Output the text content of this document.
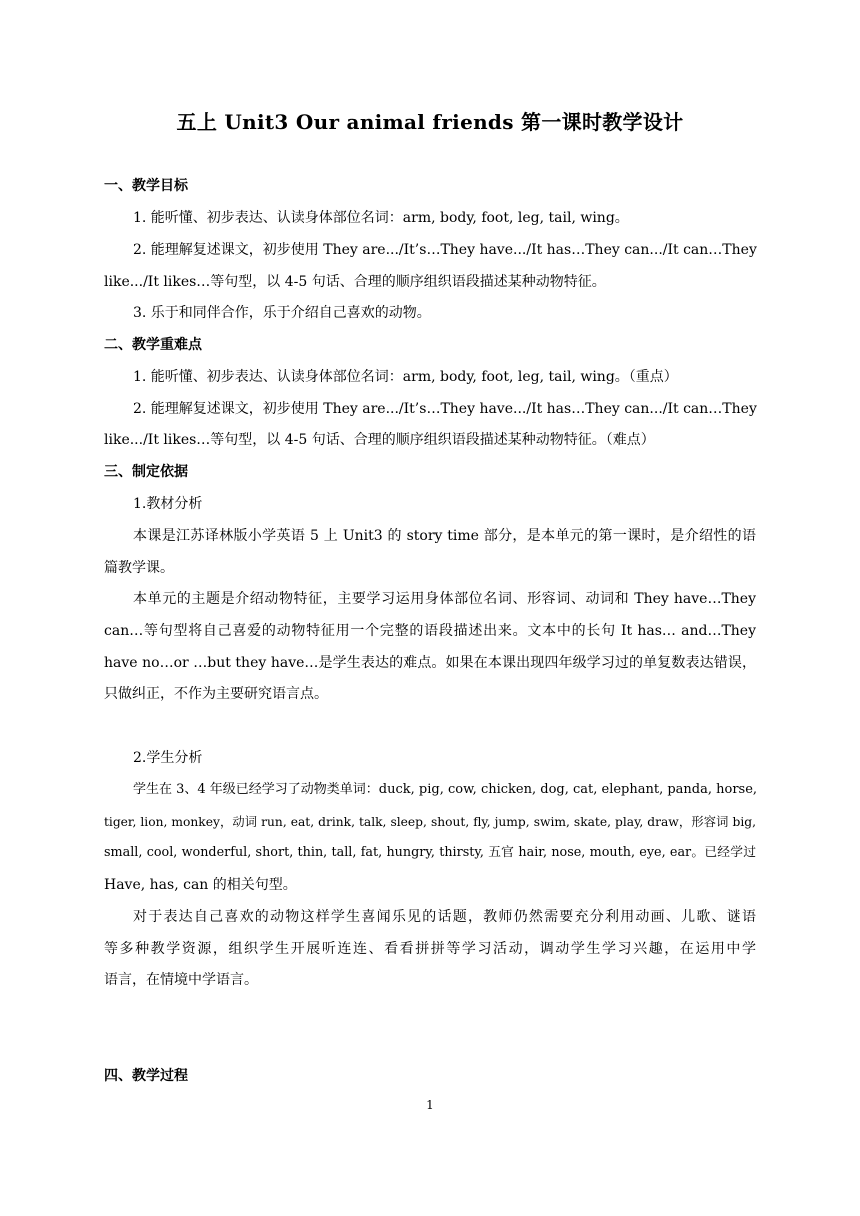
五上 Unit3 Our animal friends 第一课时教学设计
一、教学目标
1. 能听懂、初步表达、认读身体部位名词：arm, body, foot, leg, tail, wing。
2. 能理解复述课文，初步使用 They are.../It’s…They have.../It has…They can.../It can…They
like.../It likes…等句型，以 4-5 句话、合理的顺序组织语段描述某种动物特征。
3. 乐于和同伴合作，乐于介绍自己喜欢的动物。
二、教学重难点
1. 能听懂、初步表达、认读身体部位名词：arm, body, foot, leg, tail, wing。（重点）
2. 能理解复述课文，初步使用 They are.../It’s…They have.../It has…They can.../It can…They
like.../It likes…等句型，以 4-5 句话、合理的顺序组织语段描述某种动物特征。（难点）
三、制定依据
1.教材分析
本课是江苏译林版小学英语 5 上 Unit3 的 story time 部分，是本单元的第一课时，是介绍性的语
篇教学课。
本单元的主题是介绍动物特征，主要学习运用身体部位名词、形容词、动词和 They have…They
can…等句型将自己喜爱的动物特征用一个完整的语段描述出来。文本中的长句 It has… and…They
have no…or …but they have…是学生表达的难点。如果在本课出现四年级学习过的单复数表达错误，
只做纠正，不作为主要研究语言点。
2.学生分析
学生在 3、4 年级已经学习了动物类单词：duck, pig, cow, chicken, dog, cat, elephant, panda, horse,
tiger, lion, monkey，动词 run, eat, drink, talk, sleep, shout, fly, jump, swim, skate, play, draw，形容词 big,
small, cool, wonderful, short, thin, tall, fat, hungry, thirsty, 五官 hair, nose, mouth, eye, ear。已经学过
Have, has, can 的相关句型。
对于表达自己喜欢的动物这样学生喜闻乐见的话题，教师仍然需要充分利用动画、儿歌、谜语
等多种教学资源，组织学生开展听连连、看看拼拼等学习活动，调动学生学习兴趣，在运用中学
语言，在情境中学语言。
四、教学过程
1
